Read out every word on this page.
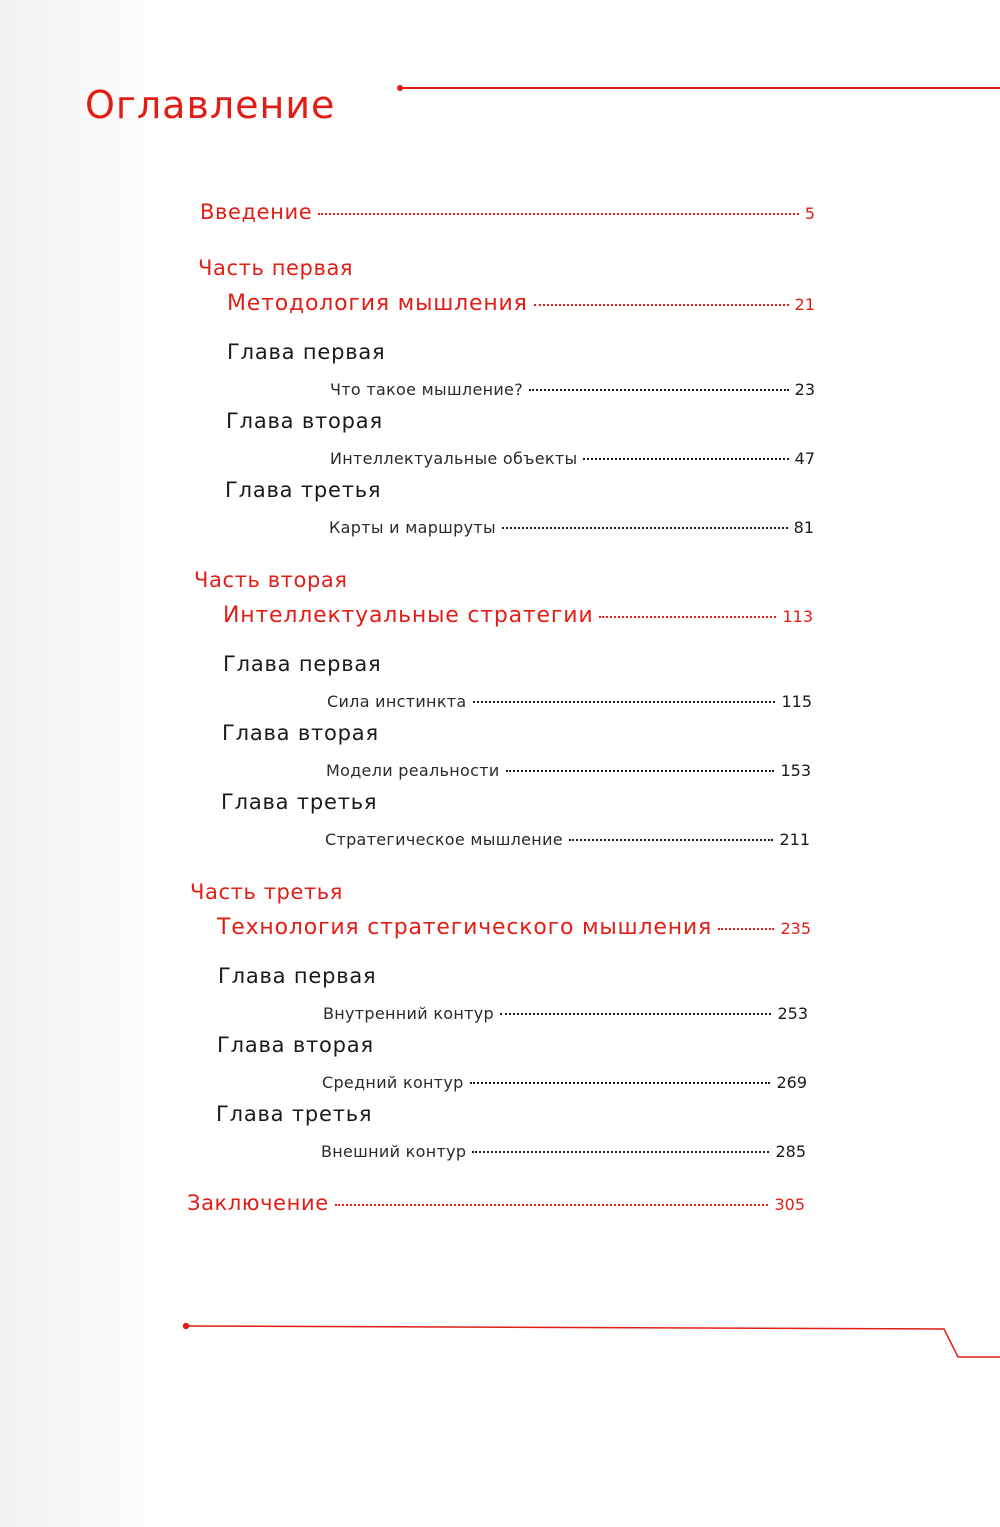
Оглавление
Введение	5
Часть первая
Методология мышления	21
Глава первая
Что такое мышление?	23
Глава вторая
Интеллектуальные объекты	47
Глава третья
Карты и маршруты	81
Часть вторая
Интеллектуальные стратегии	113
Глава первая
Сила инстинкта	115
Глава вторая
Модели реальности	153
Глава третья
Стратегическое мышление	211
Часть третья
Технология стратегического мышления	235
Глава первая
Внутренний контур	253
Глава вторая
Средний контур	269
Глава третья
Внешний контур	285
Заключение	305
